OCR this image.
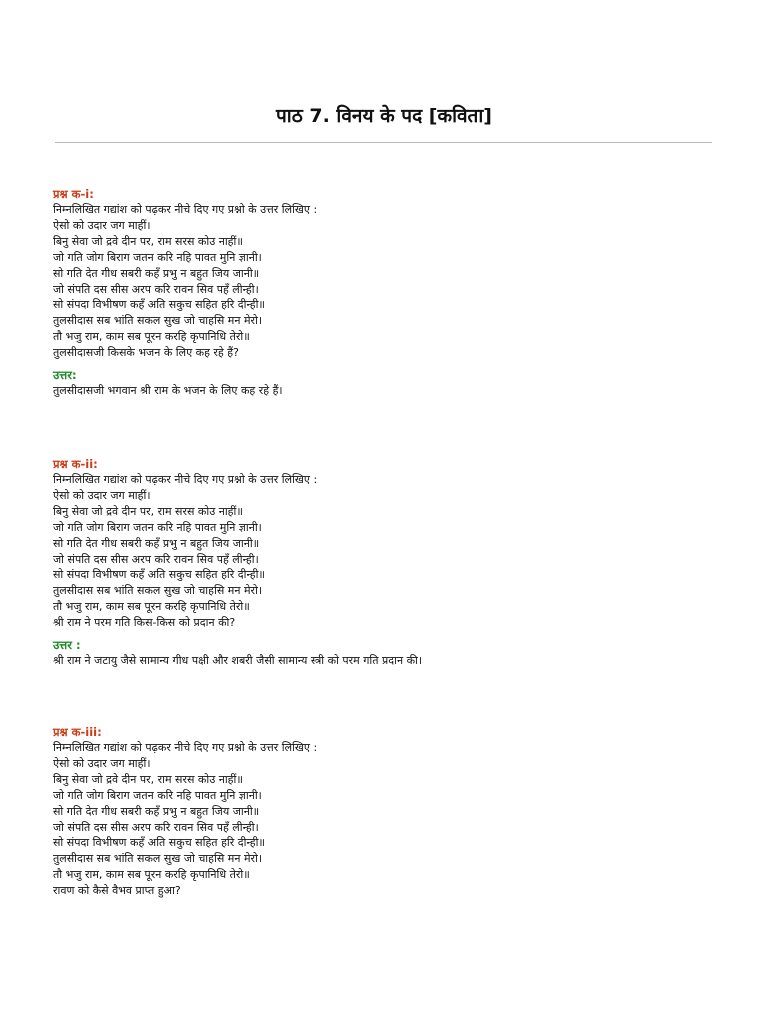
पाठ 7. विनय के पद [कविता]
प्रश्न क-i:
निम्नलिखित गद्यांश को पढ़कर नीचे दिए गए प्रश्नो के उत्तर लिखिए :
ऐसो को उदार जग माहीं।
बिनु सेवा जो द्रवे दीन पर, राम सरस कोउ नाहीं॥
जो गति जोग बिराग जतन करि नहि पावत मुनि ज्ञानी।
सो गति देत गीध सबरी कहँ प्रभु न बहुत जिय जानी॥
जो संपति दस सीस अरप करि रावन सिव पहँ लीन्ही।
सो संपदा विभीषण कहँ अति सकुच सहित हरि दीन्ही॥
तुलसीदास सब भांति सकल सुख जो चाहसि मन मेरो।
तौ भजु राम, काम सब पूरन करहि कृपानिधि तेरो॥
तुलसीदासजी किसके भजन के लिए कह रहे हैं?
उत्तर:
तुलसीदासजी भगवान श्री राम के भजन के लिए कह रहे हैं।
प्रश्न क-ii:
निम्नलिखित गद्यांश को पढ़कर नीचे दिए गए प्रश्नो के उत्तर लिखिए :
ऐसो को उदार जग माहीं।
बिनु सेवा जो द्रवे दीन पर, राम सरस कोउ नाहीं॥
जो गति जोग बिराग जतन करि नहि पावत मुनि ज्ञानी।
सो गति देत गीध सबरी कहँ प्रभु न बहुत जिय जानी॥
जो संपति दस सीस अरप करि रावन सिव पहँ लीन्ही।
सो संपदा विभीषण कहँ अति सकुच सहित हरि दीन्ही॥
तुलसीदास सब भांति सकल सुख जो चाहसि मन मेरो।
तौ भजु राम, काम सब पूरन करहि कृपानिधि तेरो॥
श्री राम ने परम गति किस-किस को प्रदान की?
उत्तर :
श्री राम ने जटायु जैसे सामान्य गीध पक्षी और शबरी जैसी सामान्य स्त्री को परम गति प्रदान की।
प्रश्न क-iii:
निम्नलिखित गद्यांश को पढ़कर नीचे दिए गए प्रश्नो के उत्तर लिखिए :
ऐसो को उदार जग माहीं।
बिनु सेवा जो द्रवे दीन पर, राम सरस कोउ नाहीं॥
जो गति जोग बिराग जतन करि नहि पावत मुनि ज्ञानी।
सो गति देत गीध सबरी कहँ प्रभु न बहुत जिय जानी॥
जो संपति दस सीस अरप करि रावन सिव पहँ लीन्ही।
सो संपदा विभीषण कहँ अति सकुच सहित हरि दीन्ही॥
तुलसीदास सब भांति सकल सुख जो चाहसि मन मेरो।
तौ भजु राम, काम सब पूरन करहि कृपानिधि तेरो॥
रावण को कैसे वैभव प्राप्त हुआ?
